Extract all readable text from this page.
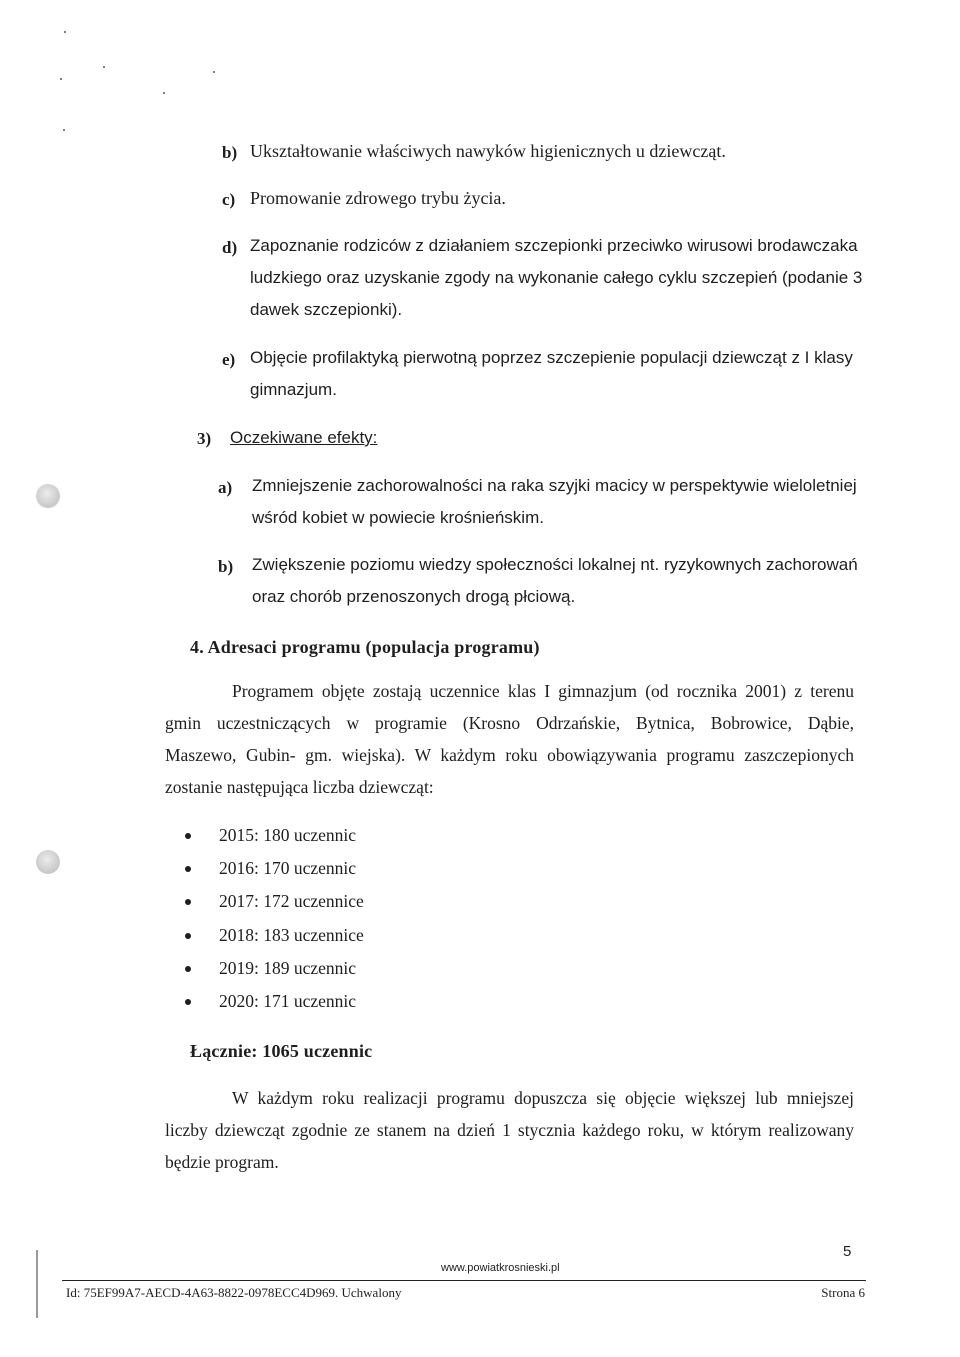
b) Ukształtowanie właściwych nawyków higienicznych u dziewcząt.
c) Promowanie zdrowego trybu życia.
d) Zapoznanie rodziców z działaniem szczepionki przeciwko wirusowi brodawczaka
ludzkiego oraz uzyskanie zgody na wykonanie całego cyklu szczepień (podanie 3
dawek szczepionki).
e) Objęcie profilaktyką pierwotną poprzez szczepienie populacji dziewcząt z I klasy
gimnazjum.
3) Oczekiwane efekty:
a) Zmniejszenie zachorowalności na raka szyjki macicy w perspektywie wieloletniej
wśród kobiet w powiecie krośnieńskim.
b) Zwiększenie poziomu wiedzy społeczności lokalnej nt. ryzykownych zachorowań
oraz chorób przenoszonych drogą płciową.
4. Adresaci programu (populacja programu)
Programem objęte zostają uczennice klas I gimnazjum (od rocznika 2001) z terenu
gmin uczestniczących w programie (Krosno Odrzańskie, Bytnica, Bobrowice, Dąbie,
Maszewo, Gubin- gm. wiejska). W każdym roku obowiązywania programu zaszczepionych
zostanie następująca liczba dziewcząt:
2015: 180 uczennic
2016: 170 uczennic
2017: 172 uczennice
2018: 183 uczennice
2019: 189 uczennic
2020: 171 uczennic
Łącznie: 1065 uczennic
W każdym roku realizacji programu dopuszcza się objęcie większej lub mniejszej
liczby dziewcząt zgodnie ze stanem na dzień 1 stycznia każdego roku, w którym realizowany
będzie program.
5
www.powiatkrosnieski.pl
Id: 75EF99A7-AECD-4A63-8822-0978ECC4D969. Uchwalony	Strona 6
